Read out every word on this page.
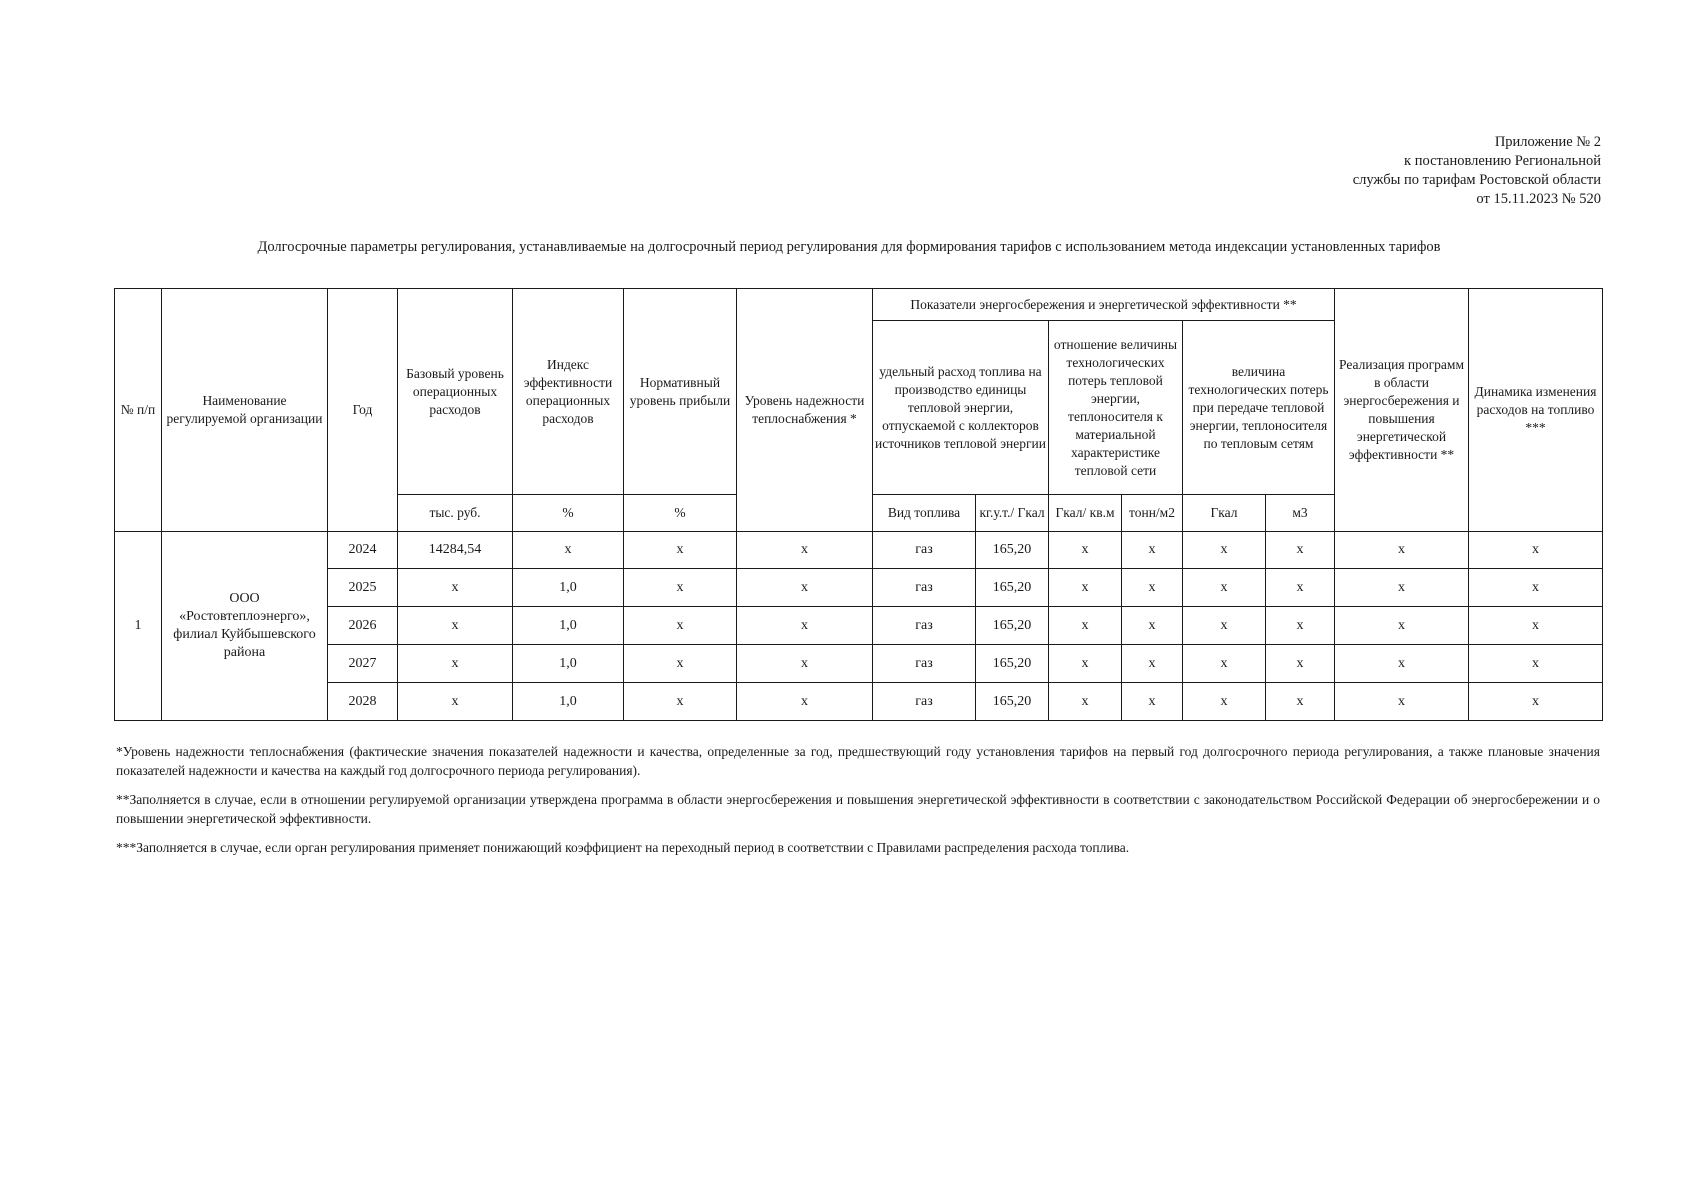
Приложение № 2
к постановлению Региональной
службы по тарифам Ростовской области
от 15.11.2023 № 520
Долгосрочные параметры регулирования, устанавливаемые на долгосрочный период регулирования для формирования тарифов с использованием метода индексации установленных тарифов
№ п/п	Наименование регулируемой организации	Год	Базовый уровень операционных расходов	Индекс эффективности операционных расходов	Нормативный уровень прибыли	Уровень надежности теплоснабжения *	Показатели энергосбережения и энергетической эффективности **						Реализация программ в области энергосбережения и повышения энергетической эффективности **	Динамика изменения расходов на топливо ***
							удельный расход топлива на производство единицы тепловой энергии, отпускаемой с коллекторов источников тепловой энергии		отношение величины технологических потерь тепловой энергии, теплоносителя к материальной характеристике тепловой сети		величина технологических потерь при передаче тепловой энергии, теплоносителя по тепловым сетям			
			тыс. руб.	%	%		Вид топлива	кг.у.т./ Гкал	Гкал/ кв.м	тонн/м2	Гкал	м3		
1	ООО «Ростовтеплоэнерго», филиал Куйбышевского района	2024	14284,54	х	х	х	газ	165,20	х	х	х	х	х	х
		2025	х	1,0	х	х	газ	165,20	х	х	х	х	х	х
		2026	х	1,0	х	х	газ	165,20	х	х	х	х	х	х
		2027	х	1,0	х	х	газ	165,20	х	х	х	х	х	х
		2028	х	1,0	х	х	газ	165,20	х	х	х	х	х	х

*Уровень надежности теплоснабжения (фактические значения показателей надежности и качества, определенные за год, предшествующий году установления тарифов на первый год долгосрочного периода регулирования, а также плановые значения показателей надежности и качества на каждый год долгосрочного периода регулирования).

**Заполняется в случае, если в отношении регулируемой организации утверждена программа в области энергосбережения и повышения энергетической эффективности в соответствии с законодательством Российской Федерации об энергосбережении и о повышении энергетической эффективности.

***Заполняется в случае, если орган регулирования применяет понижающий коэффициент на переходный период в соответствии с Правилами распределения расхода топлива.
